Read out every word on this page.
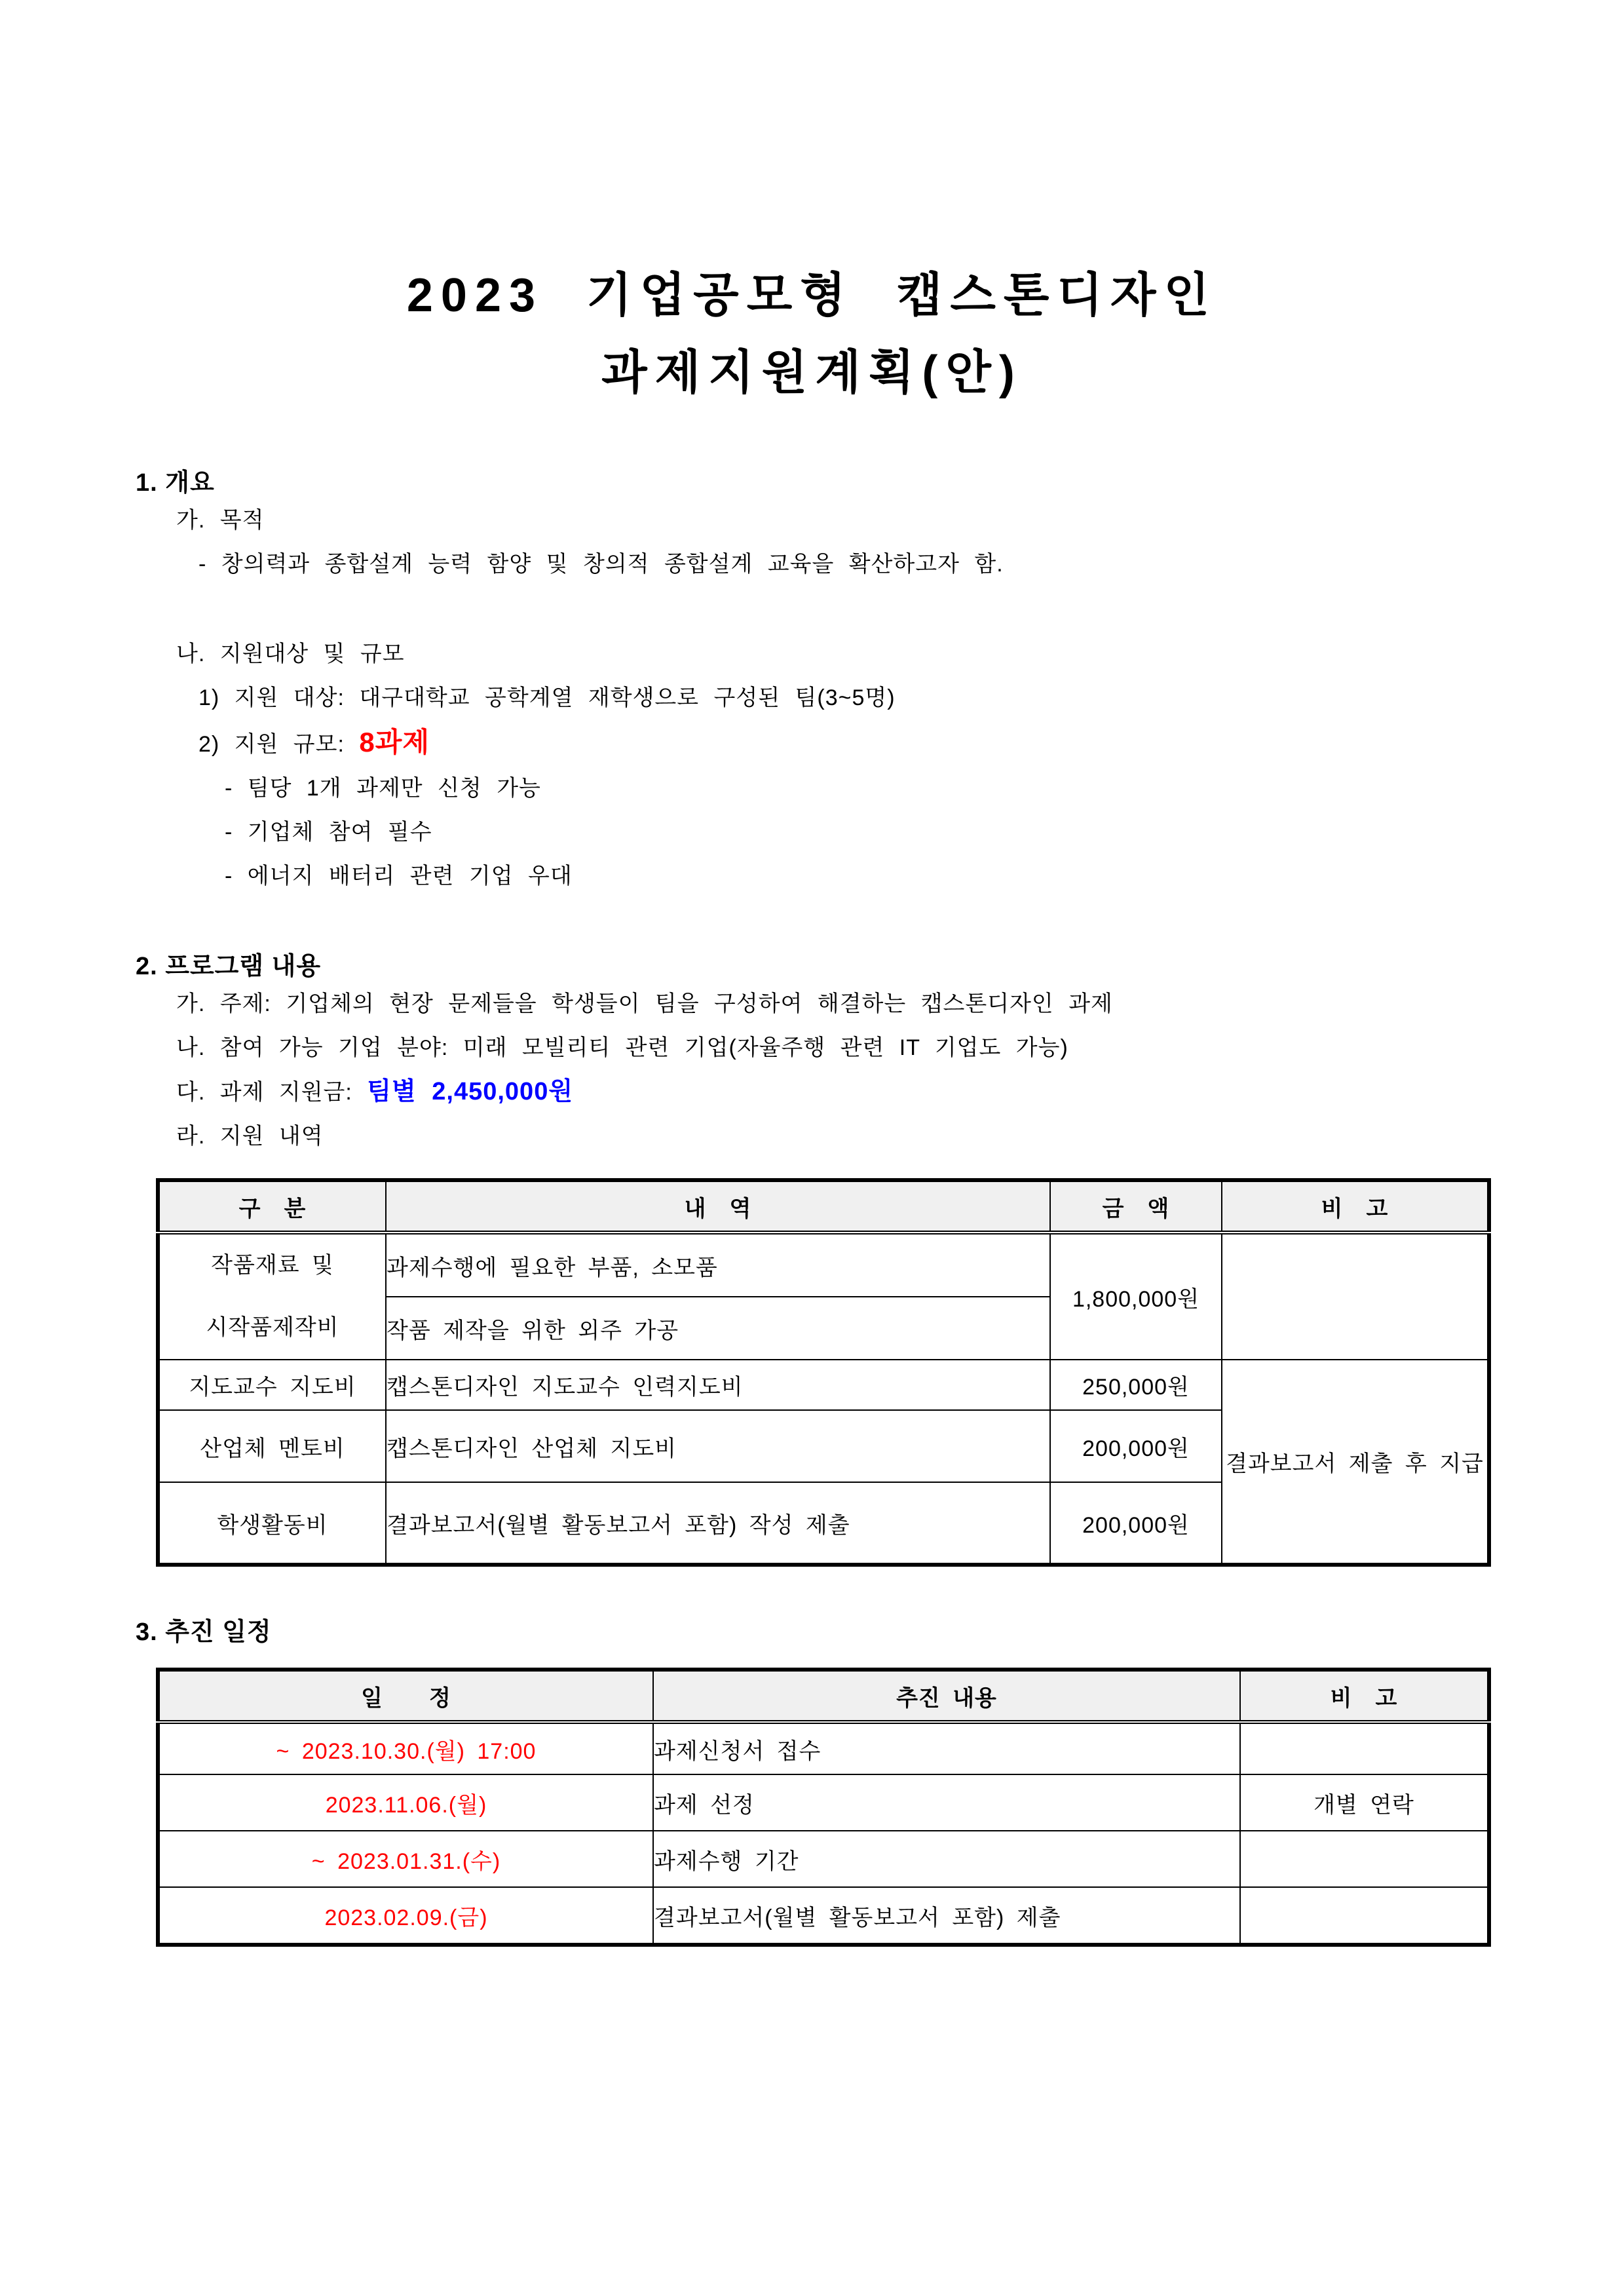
2023 기업공모형 캡스톤디자인
과제지원계획(안)
1. 개요
가. 목적
- 창의력과 종합설계 능력 함양 및 창의적 종합설계 교육을 확산하고자 함.
나. 지원대상 및 규모
1) 지원 대상: 대구대학교 공학계열 재학생으로 구성된 팀(3~5명)
2) 지원 규모: 8과제
- 팀당 1개 과제만 신청 가능
- 기업체 참여 필수
- 에너지 배터리 관련 기업 우대
2. 프로그램 내용
가. 주제: 기업체의 현장 문제들을 학생들이 팀을 구성하여 해결하는 캡스톤디자인 과제
나. 참여 가능 기업 분야: 미래 모빌리티 관련 기업(자율주행 관련 IT 기업도 가능)
다. 과제 지원금: 팀별 2,450,000원
라. 지원 내역
구　분	내　역	금　액	비　고
작품재료 및 시작품제작비	과제수행에 필요한 부품, 소모품	1,800,000원	
	작품 제작을 위한 외주 가공		
지도교수 지도비	캡스톤디자인 지도교수 인력지도비	250,000원	결과보고서 제출 후 지급
산업체 멘토비	캡스톤디자인 산업체 지도비	200,000원	
학생활동비	결과보고서(월별 활동보고서 포함) 작성 제출	200,000원	
3. 추진 일정
일　　정	추진 내용	비　고
~ 2023.10.30.(월) 17:00	과제신청서 접수	
2023.11.06.(월)	과제 선정	개별 연락
~ 2023.01.31.(수)	과제수행 기간	
2023.02.09.(금)	결과보고서(월별 활동보고서 포함) 제출	
